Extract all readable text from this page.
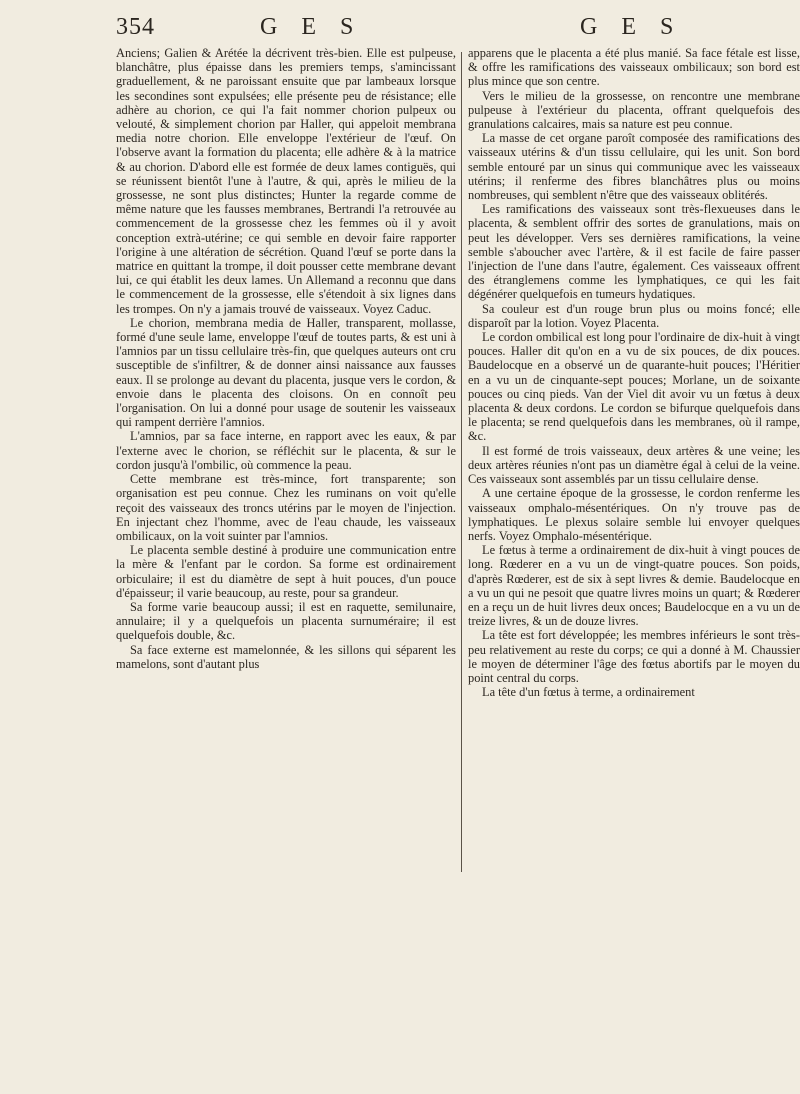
354	G E S	G E S

Anciens; Galien & Arétée la décrivent très-bien. Elle est pulpeuse, blanchâtre, plus épaisse dans les premiers temps, s'amincissant graduellement, & ne paroissant ensuite que par lambeaux lorsque les secondines sont expulsées; elle présente peu de résistance; elle adhère au chorion, ce qui l'a fait nommer chorion pulpeux ou velouté, & simplement chorion par Haller, qui appeloit membrana media notre chorion. Elle enveloppe l'extérieur de l'œuf. On l'observe avant la formation du placenta; elle adhère & à la matrice & au chorion. D'abord elle est formée de deux lames contiguës, qui se réunissent bientôt l'une à l'autre, & qui, après le milieu de la grossesse, ne sont plus distinctes; Hunter la regarde comme de même nature que les fausses membranes, Bertrandi l'a retrouvée au commencement de la grossesse chez les femmes où il y avoit conception extrà-utérine; ce qui semble en devoir faire rapporter l'origine à une altération de sécrétion. Quand l'œuf se porte dans la matrice en quittant la trompe, il doit pousser cette membrane devant lui, ce qui établit les deux lames. Un Allemand a reconnu que dans le commencement de la grossesse, elle s'étendoit à six lignes dans les trompes. On n'y a jamais trouvé de vaisseaux. Voyez Caduc.

Le chorion, membrana media de Haller, transparent, mollasse, formé d'une seule lame, enveloppe l'œuf de toutes parts, & est uni à l'amnios par un tissu cellulaire très-fin, que quelques auteurs ont cru susceptible de s'infiltrer, & de donner ainsi naissance aux fausses eaux. Il se prolonge au devant du placenta, jusque vers le cordon, & envoie dans le placenta des cloisons. On en connoît peu l'organisation. On lui a donné pour usage de soutenir les vaisseaux qui rampent derrière l'amnios.

L'amnios, par sa face interne, en rapport avec les eaux, & par l'externe avec le chorion, se réfléchit sur le placenta, & sur le cordon jusqu'à l'ombilic, où commence la peau.

Cette membrane est très-mince, fort transparente; son organisation est peu connue. Chez les ruminans on voit qu'elle reçoit des vaisseaux des troncs utérins par le moyen de l'injection. En injectant chez l'homme, avec de l'eau chaude, les vaisseaux ombilicaux, on la voit suinter par l'amnios.

Le placenta semble destiné à produire une communication entre la mère & l'enfant par le cordon. Sa forme est ordinairement orbiculaire; il est du diamètre de sept à huit pouces, d'un pouce d'épaisseur; il varie beaucoup, au reste, pour sa grandeur.

Sa forme varie beaucoup aussi; il est en raquette, semilunaire, annulaire; il y a quelquefois un placenta surnuméraire; il est quelquefois double, &c.

Sa face externe est mamelonnée, & les sillons qui séparent les mamelons, sont d'autant plus

apparens que le placenta a été plus manié. Sa face fétale est lisse, & offre les ramifications des vaisseaux ombilicaux; son bord est plus mince que son centre.

Vers le milieu de la grossesse, on rencontre une membrane pulpeuse à l'extérieur du placenta, offrant quelquefois des granulations calcaires, mais sa nature est peu connue.

La masse de cet organe paroît composée des ramifications des vaisseaux utérins & d'un tissu cellulaire, qui les unit. Son bord semble entouré par un sinus qui communique avec les vaisseaux utérins; il renferme des fibres blanchâtres plus ou moins nombreuses, qui semblent n'être que des vaisseaux oblitérés.

Les ramifications des vaisseaux sont très-flexueuses dans le placenta, & semblent offrir des sortes de granulations, mais on peut les développer. Vers ses dernières ramifications, la veine semble s'aboucher avec l'artère, & il est facile de faire passer l'injection de l'une dans l'autre, également. Ces vaisseaux offrent des étranglemens comme les lymphatiques, ce qui les fait dégénérer quelquefois en tumeurs hydatiques.

Sa couleur est d'un rouge brun plus ou moins foncé; elle disparoît par la lotion. Voyez Placenta.

Le cordon ombilical est long pour l'ordinaire de dix-huit à vingt pouces. Haller dit qu'on en a vu de six pouces, de dix pouces. Baudelocque en a observé un de quarante-huit pouces; l'Héritier en a vu un de cinquante-sept pouces; Morlane, un de soixante pouces ou cinq pieds. Van der Viel dit avoir vu un fœtus à deux placenta & deux cordons. Le cordon se bifurque quelquefois dans le placenta; se rend quelquefois dans les membranes, où il rampe, &c.

Il est formé de trois vaisseaux, deux artères & une veine; les deux artères réunies n'ont pas un diamètre égal à celui de la veine. Ces vaisseaux sont assemblés par un tissu cellulaire dense.

A une certaine époque de la grossesse, le cordon renferme les vaisseaux omphalo-mésentériques. On n'y trouve pas de lymphatiques. Le plexus solaire semble lui envoyer quelques nerfs. Voyez Omphalo-mésentérique.

Le fœtus à terme a ordinairement de dix-huit à vingt pouces de long. Rœderer en a vu un de vingt-quatre pouces. Son poids, d'après Rœderer, est de six à sept livres & demie. Baudelocque en a vu un qui ne pesoit que quatre livres moins un quart; & Rœderer en a reçu un de huit livres deux onces; Baudelocque en a vu un de treize livres, & un de douze livres.

La tête est fort développée; les membres inférieurs le sont très-peu relativement au reste du corps; ce qui a donné à M. Chaussier le moyen de déterminer l'âge des fœtus abortifs par le moyen du point central du corps.

La tête d'un fœtus à terme, a ordinairement
